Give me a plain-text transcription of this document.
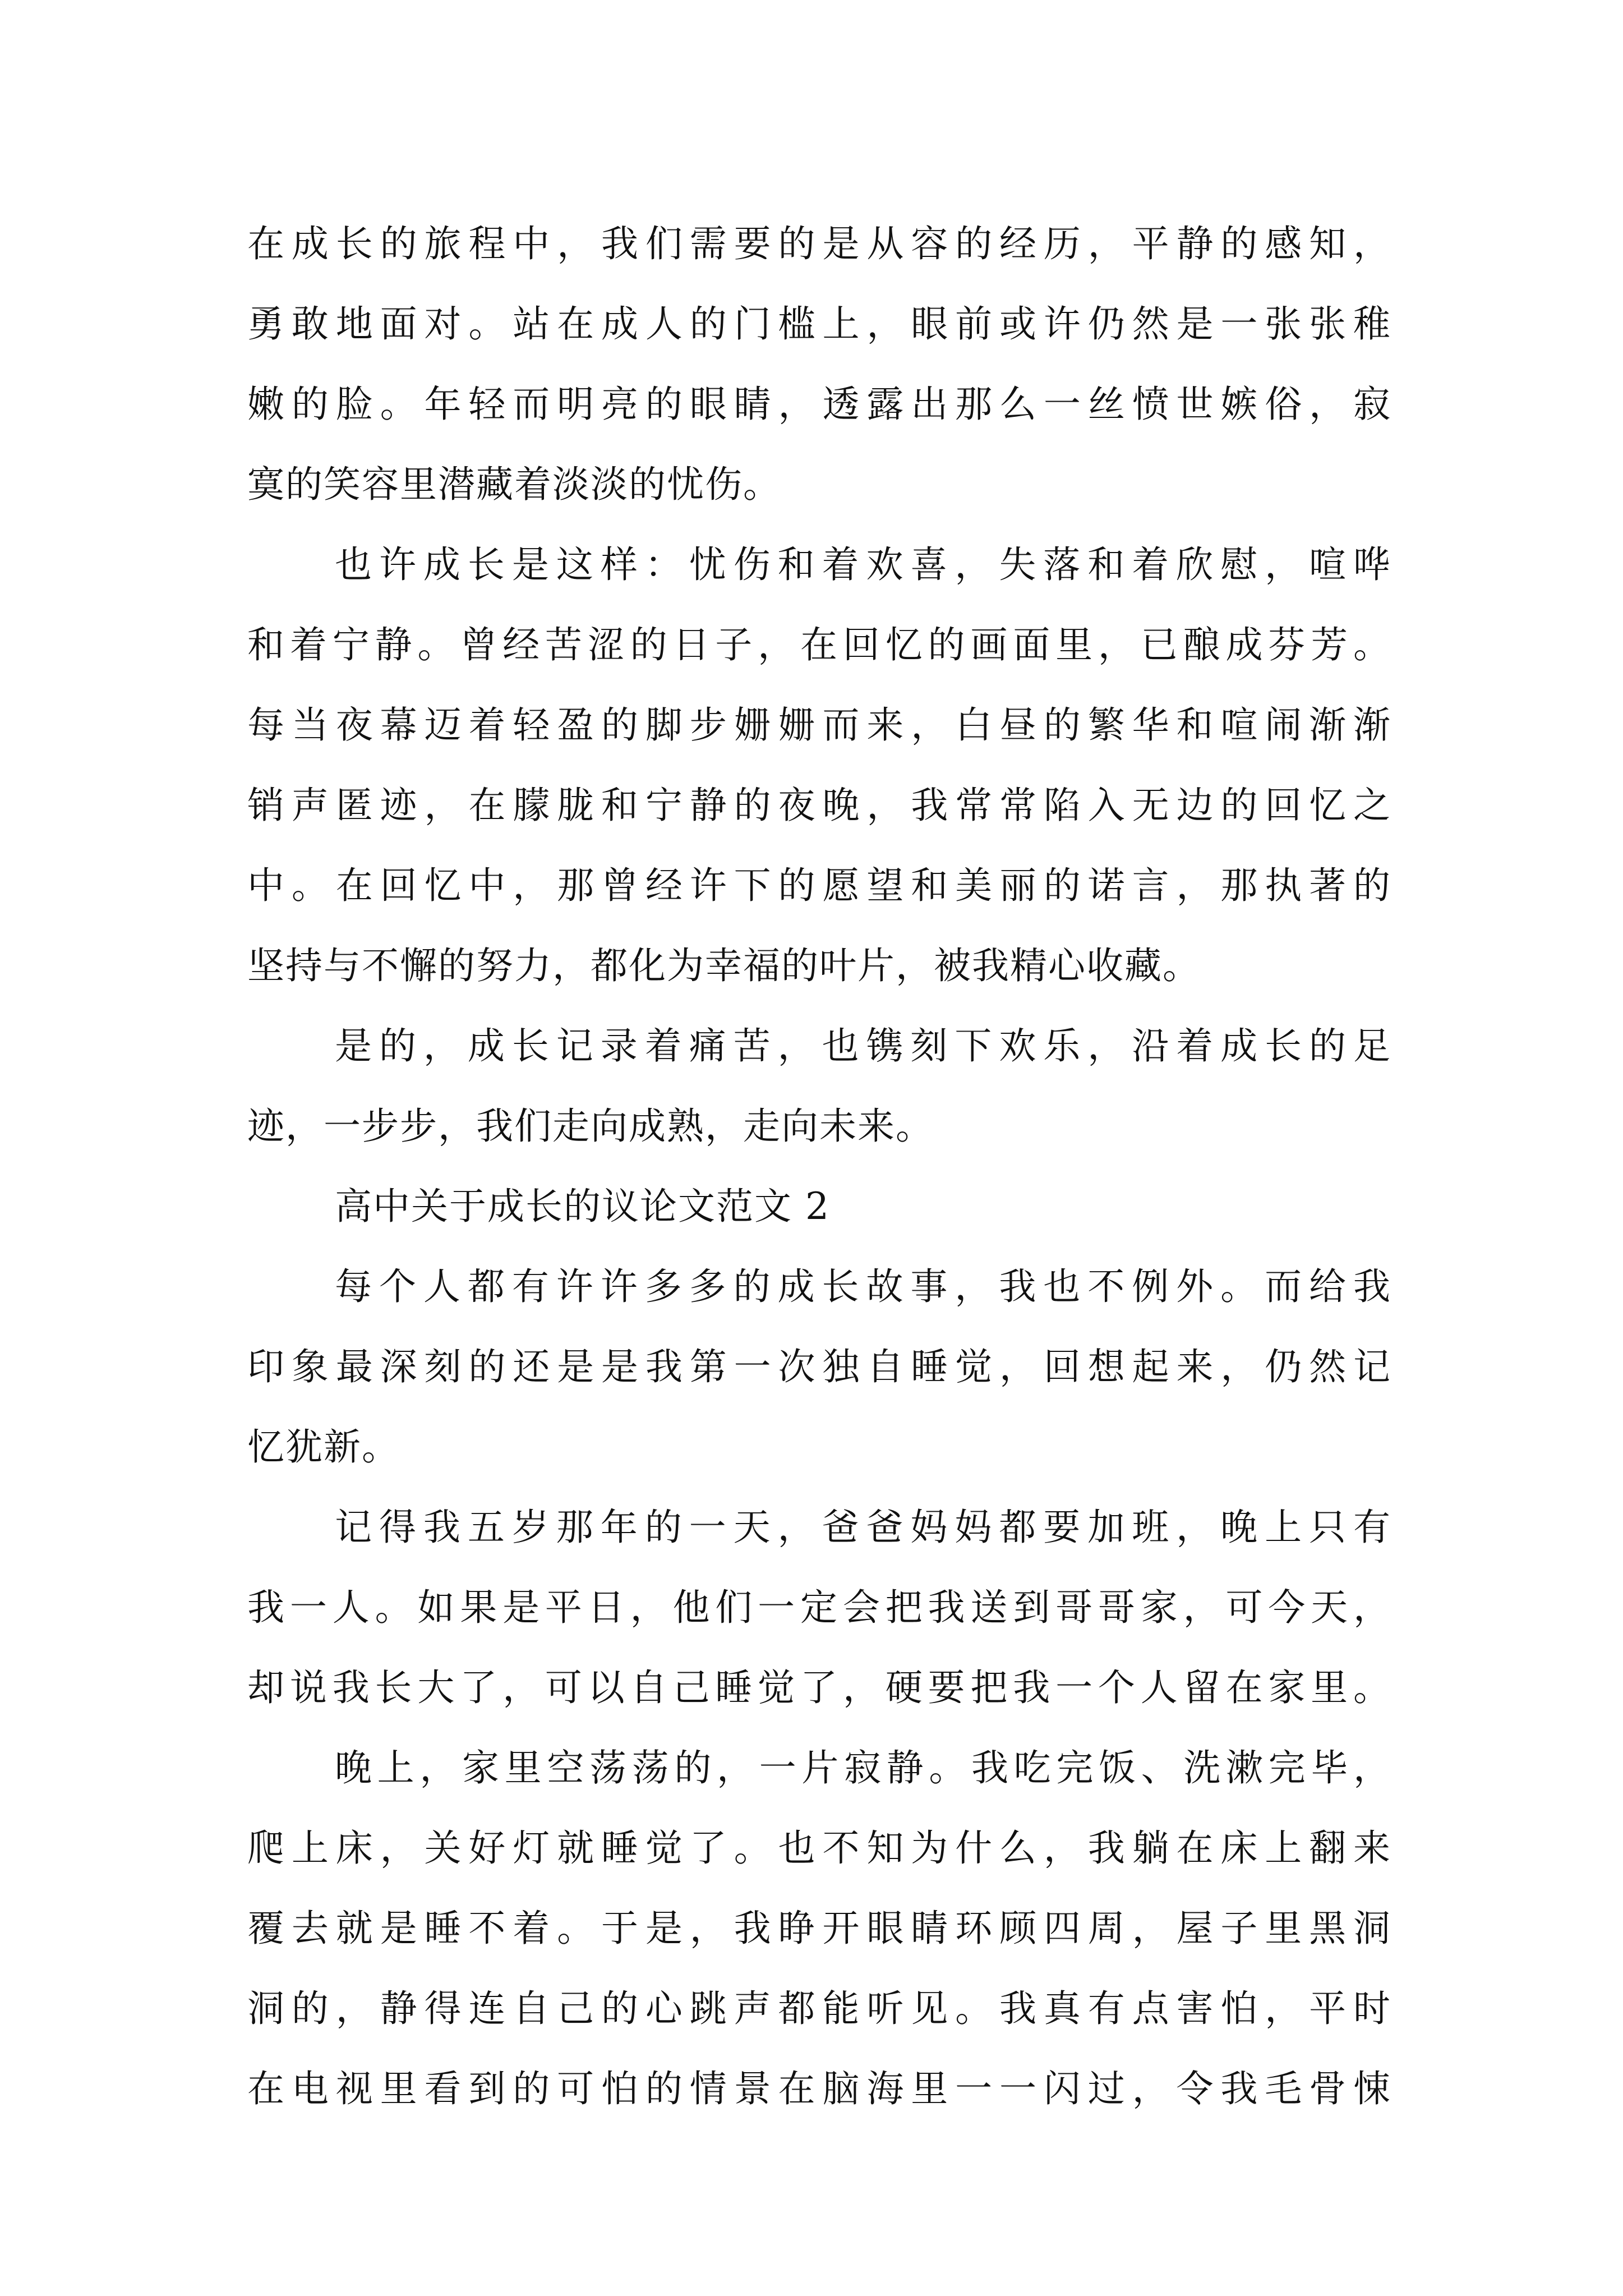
在成长的旅程中，我们需要的是从容的经历，平静的感知，
勇敢地面对。站在成人的门槛上，眼前或许仍然是一张张稚
嫩的脸。年轻而明亮的眼睛，透露出那么一丝愤世嫉俗，寂
寞的笑容里潜藏着淡淡的忧伤。
也许成长是这样：忧伤和着欢喜，失落和着欣慰，喧哗
和着宁静。曾经苦涩的日子，在回忆的画面里，已酿成芬芳。
每当夜幕迈着轻盈的脚步姗姗而来，白昼的繁华和喧闹渐渐
销声匿迹，在朦胧和宁静的夜晚，我常常陷入无边的回忆之
中。在回忆中，那曾经许下的愿望和美丽的诺言，那执著的
坚持与不懈的努力，都化为幸福的叶片，被我精心收藏。
是的，成长记录着痛苦，也镌刻下欢乐，沿着成长的足
迹，一步步，我们走向成熟，走向未来。
高中关于成长的议论文范文 2
每个人都有许许多多的成长故事，我也不例外。而给我
印象最深刻的还是是我第一次独自睡觉，回想起来，仍然记
忆犹新。
记得我五岁那年的一天，爸爸妈妈都要加班，晚上只有
我一人。如果是平日，他们一定会把我送到哥哥家，可今天，
却说我长大了，可以自己睡觉了，硬要把我一个人留在家里。
晚上，家里空荡荡的，一片寂静。我吃完饭、洗漱完毕，
爬上床，关好灯就睡觉了。也不知为什么，我躺在床上翻来
覆去就是睡不着。于是，我睁开眼睛环顾四周，屋子里黑洞
洞的，静得连自己的心跳声都能听见。我真有点害怕，平时
在电视里看到的可怕的情景在脑海里一一闪过，令我毛骨悚
